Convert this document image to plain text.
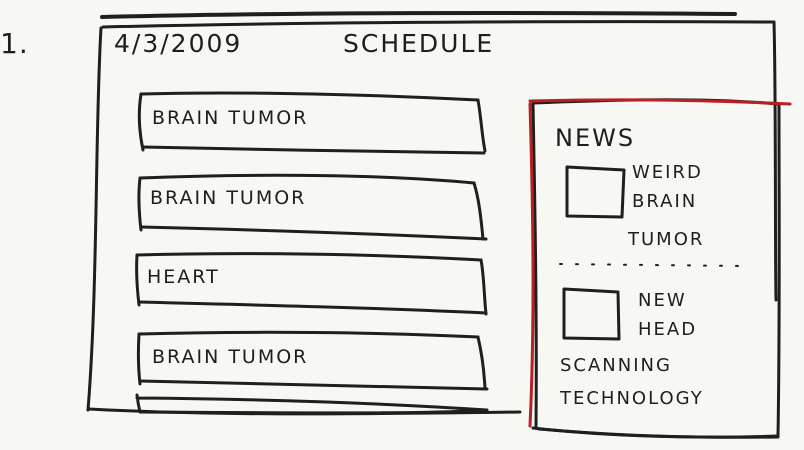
1.	4/3/2009	SCHEDULE
BRAIN TUMOR
BRAIN TUMOR
HEART
BRAIN TUMOR
NEWS
WEIRD
BRAIN
TUMOR
NEW
HEAD
SCANNING
TECHNOLOGY
